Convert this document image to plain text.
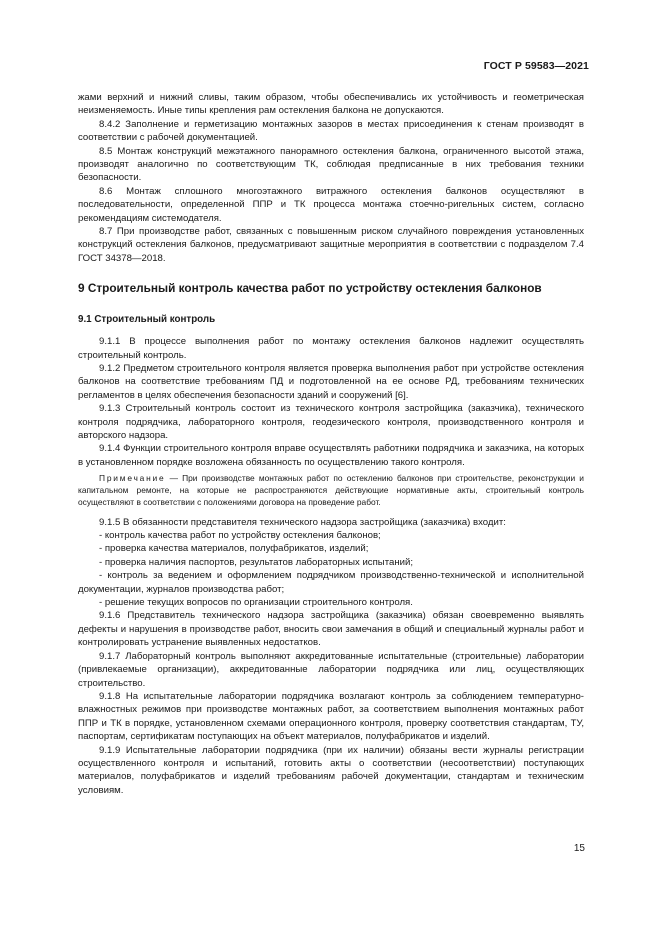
ГОСТ Р 59583—2021

жами верхний и нижний сливы, таким образом, чтобы обеспечивались их устойчивость и геометрическая неизменяемость. Иные типы крепления рам остекления балкона не допускаются.

8.4.2 Заполнение и герметизацию монтажных зазоров в местах присоединения к стенам производят в соответствии с рабочей документацией.

8.5 Монтаж конструкций межэтажного панорамного остекления балкона, ограниченного высотой этажа, производят аналогично по соответствующим ТК, соблюдая предписанные в них требования техники безопасности.

8.6 Монтаж сплошного многоэтажного витражного остекления балконов осуществляют в последовательности, определенной ППР и ТК процесса монтажа стоечно-ригельных систем, согласно рекомендациям системодателя.

8.7 При производстве работ, связанных с повышенным риском случайного повреждения установленных конструкций остекления балконов, предусматривают защитные мероприятия в соответствии с подразделом 7.4 ГОСТ 34378—2018.

9 Строительный контроль качества работ по устройству остекления балконов

9.1 Строительный контроль

9.1.1 В процессе выполнения работ по монтажу остекления балконов надлежит осуществлять строительный контроль.

9.1.2 Предметом строительного контроля является проверка выполнения работ при устройстве остекления балконов на соответствие требованиям ПД и подготовленной на ее основе РД, требованиям технических регламентов в целях обеспечения безопасности зданий и сооружений [6].

9.1.3 Строительный контроль состоит из технического контроля застройщика (заказчика), технического контроля подрядчика, лабораторного контроля, геодезического контроля, производственного контроля и авторского надзора.

9.1.4 Функции строительного контроля вправе осуществлять работники подрядчика и заказчика, на которых в установленном порядке возложена обязанность по осуществлению такого контроля.

Примечание — При производстве монтажных работ по остеклению балконов при строительстве, реконструкции и капитальном ремонте, на которые не распространяются действующие нормативные акты, строительный контроль осуществляют в соответствии с положениями договора на проведение работ.

9.1.5 В обязанности представителя технического надзора застройщика (заказчика) входит:

- контроль качества работ по устройству остекления балконов;

- проверка качества материалов, полуфабрикатов, изделий;

- проверка наличия паспортов, результатов лабораторных испытаний;

- контроль за ведением и оформлением подрядчиком производственно-технической и исполнительной документации, журналов производства работ;

- решение текущих вопросов по организации строительного контроля.

9.1.6 Представитель технического надзора застройщика (заказчика) обязан своевременно выявлять дефекты и нарушения в производстве работ, вносить свои замечания в общий и специальный журналы работ и контролировать устранение выявленных недостатков.

9.1.7 Лабораторный контроль выполняют аккредитованные испытательные (строительные) лаборатории (привлекаемые организации), аккредитованные лаборатории подрядчика или лиц, осуществляющих строительство.

9.1.8 На испытательные лаборатории подрядчика возлагают контроль за соблюдением температурно-влажностных режимов при производстве монтажных работ, за соответствием выполнения монтажных работ ППР и ТК в порядке, установленном схемами операционного контроля, проверку соответствия стандартам, ТУ, паспортам, сертификатам поступающих на объект материалов, полуфабрикатов и изделий.

9.1.9 Испытательные лаборатории подрядчика (при их наличии) обязаны вести журналы регистрации осуществленного контроля и испытаний, готовить акты о соответствии (несоответствии) поступающих материалов, полуфабрикатов и изделий требованиям рабочей документации, стандартам и техническим условиям.

15
